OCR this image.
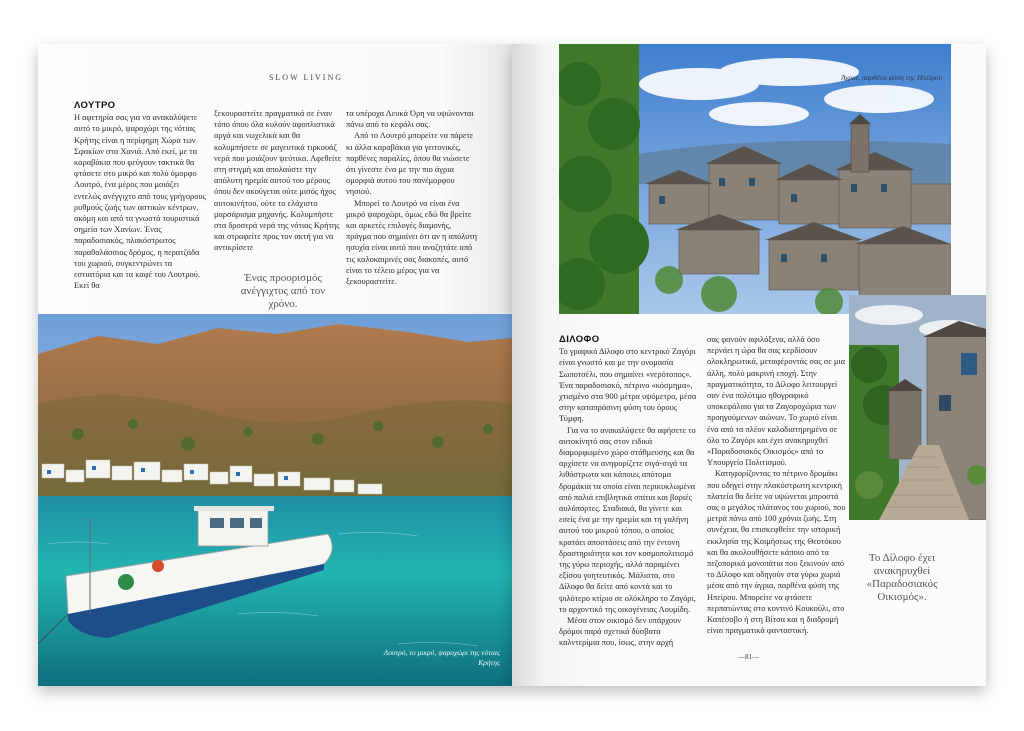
SLOW LIVING
ΛΟΥΤΡΟ

Η αφετηρία σας για να ανακαλύψετε αυτό το μικρό, ψαροχώρι της νότιας Κρήτης είναι η περίφημη Χώρα των Σφακίων στα Χανιά. Από εκεί, με τα καραβάκια που φεύγουν τακτικά θα φτάσετε στο μικρό και πολύ όμορφο Λουτρό, ένα μέρος που μοιάζει εντελώς ανέγγιχτο από τους γρήγορους ρυθμούς ζωής των αστικών κέντρων, ακόμη και από τα γνωστά τουριστικά σημεία των Χανίων. Ένας παραδοσιακός, πλακόστρωτος παραθαλάσσιος δρόμος, η περατζάδα του χωριού, συγκεντρώνει τα εστιατόρια και τα καφέ του Λουτρού. Εκεί θα

ξεκουραστείτε πραγματικά σε έναν τόπο όπου όλα κυλούν αφοπλιστικά αργά και νωχελικά και θα κολυμπήσετε σε μαγευτικά τιρκουάζ νερά που μοιάζουν ψεύτικα. Αφεθείτε στη στιγμή και απολαύστε την απόλυτη ηρεμία αυτού του μέρους όπου δεν ακούγεται ούτε μισός ήχος αυτοκινήτου, ούτε το ελάχιστο μαρσάρισμα μηχανής. Κολυμπήστε στα δροσερά νερά της νότιας Κρήτης και στραφείτε προς τον ακτή για να αντικρίσετε

Ένας προορισμός ανέγγιχτος από τον χρόνο.

τα υπέροχα Λευκά Όρη να υψώνονται πάνω από το κεφάλι σας.

Από το Λουτρό μπορείτε να πάρετε κι άλλα καραβάκια για γειτονικές, παρθένες παραλίες, όπου θα νιώσετε ότι γίνεστε ένα με την πιο άγρια ομορφιά αυτού του πανέμορφου νησιού.

Μπορεί το Λουτρό να είναι ένα μικρό ψαροχώρι, όμως εδώ θα βρείτε και αρκετές επιλογές διαμονής, πράγμα που σημαίνει ότι αν η απόλυτη ησυχία είναι αυτό που αναζητάτε από τις καλοκαιρινές σας διακοπές, αυτό είναι το τέλειο μέρος για να ξεκουραστείτε.

Λουτρό, το μικρό, ψαροχώρι της νότιας Κρήτης
Άγρια, παρθένα φύση της Ηπείρου
ΔΙΛΟΦΟ

Το γραφικό Δίλοφο στο κεντρικό Ζαγόρι είναι γνωστό και με την ονομασία Σωποτσέλι, που σημαίνει «νερότοπος». Ένα παραδοσιακό, πέτρινο «κόσμημα», χτισμένο στα 900 μέτρα υψόμετρο, μέσα στην καταπράσινη φύση του όρους Τύμφη.

Για να το ανακαλύψετε θα αφήσετε το αυτοκίνητό σας στον ειδικά διαμορφωμένο χώρο στάθμευσης και θα αρχίσετε να ανηφορίζετε σιγά-σιγά τα λιθόστρωτα και κάποιες απότομα δρομάκια τα οποία είναι περικυκλωμένα από παλιά επιβλητικά σπίτια και βαριές αυλόπορτες. Σταδιακά, θα γίνετε και εσείς ένα με την ηρεμία και τη γαλήνη αυτού του μικρού τόπου, ο οποίος κρατάει αποστάσεις από την έντονη δραστηριότητα και τον κοσμοπολιτισμό της γύρω περιοχής, αλλά παραμένει εξίσου γοητευτικός. Μάλιστα, στο Δίλοφο θα δείτε από κοντά και το ψιλότερο κτίριο σε ολόκληρο το Ζαγόρι, το αρχοντικό της οικογένειας Λουμίδη.

Μέσα στον οικισμό δεν υπάρχουν δρόμοι παρά σχετικά δύσβατα καλντερίμια που, ίσως, στην αρχή

σας φανούν αφιλόξενα, αλλά όσο περνάει η ώρα θα σας κερδίσουν ολοκληρωτικά, μεταφέροντάς σας σε μια άλλη, πολύ μακρινή εποχή. Στην πραγματικότητα, το Δίλοφο λειτουργεί σαν ένα πολύτιμο ηθογραφικό υποκεφάλαιο για τα Ζαγοροχώρια των προηγούμενων αιώνων. Το χωριό είναι ένα από τα πλέον καλοδιατηρημένα σε όλο το Ζαγόρι και έχει ανακηρυχθεί «Παραδοσιακός Οικισμός» από το Υπουργείο Πολιτισμού.

Κατηφορίζοντας το πέτρινο δρομάκι που οδηγεί στην πλακόστρωτη κεντρική πλατεία θα δείτε να υψώνεται μπροστά σας ο μεγάλος πλάτανος του χωριού, που μετρά πάνω από 100 χρόνια ζωής. Στη συνέχεια, θα επισκεφθείτε την ιστορική εκκλησία της Κοιμήσεως της Θεοτόκου και θα ακολουθήσετε κάποιο από τα πεζοπορικά μονοπάτια που ξεκινούν από το Δίλοφο και οδηγούν στα γύρω χωριά μέσα από την άγρια, παρθένα φύση της Ηπείρου. Μπορείτε να φτάσετε περπατώντας στο κοντινό Κουκούλι, στο Καπέσοβο ή στη Βίτσα και η διαδρομή είναι πραγματικά φανταστική.

Το Δίλοφο έχει ανακηρυχθεί «Παραδοσιακός Οικισμός».
—81—
